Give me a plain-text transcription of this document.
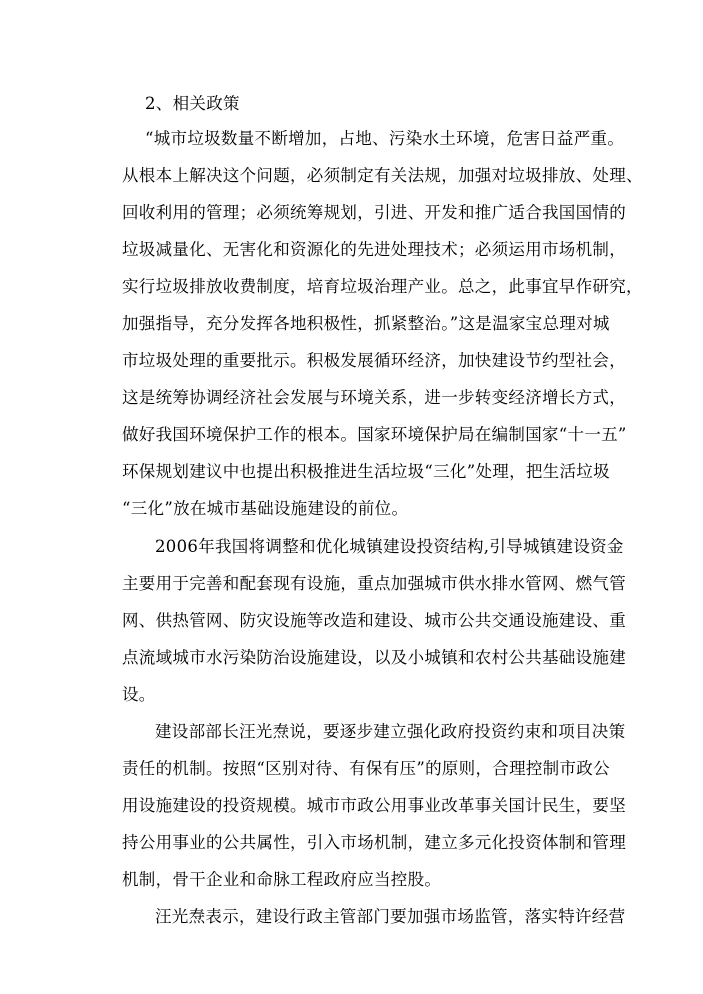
2、相关政策
“城市垃圾数量不断增加，占地、污染水土环境，危害日益严重。
从根本上解决这个问题，必须制定有关法规，加强对垃圾排放、处理、
回收利用的管理；必须统筹规划，引进、开发和推广适合我国国情的
垃圾减量化、无害化和资源化的先进处理技术；必须运用市场机制，
实行垃圾排放收费制度，培育垃圾治理产业。总之，此事宜早作研究，
加强指导，充分发挥各地积极性，抓紧整治。”这是温家宝总理对城
市垃圾处理的重要批示。积极发展循环经济，加快建设节约型社会，
这是统筹协调经济社会发展与环境关系，进一步转变经济增长方式，
做好我国环境保护工作的根本。国家环境保护局在编制国家“十一五”
环保规划建议中也提出积极推进生活垃圾“三化”处理，把生活垃圾
“三化”放在城市基础设施建设的前位。
2006年我国将调整和优化城镇建设投资结构,引导城镇建设资金
主要用于完善和配套现有设施，重点加强城市供水排水管网、燃气管
网、供热管网、防灾设施等改造和建设、城市公共交通设施建设、重
点流域城市水污染防治设施建设，以及小城镇和农村公共基础设施建
设。
建设部部长汪光焘说，要逐步建立强化政府投资约束和项目决策
责任的机制。按照“区别对待、有保有压”的原则，合理控制市政公
用设施建设的投资规模。城市市政公用事业改革事关国计民生，要坚
持公用事业的公共属性，引入市场机制，建立多元化投资体制和管理
机制，骨干企业和命脉工程政府应当控股。
汪光焘表示，建设行政主管部门要加强市场监管，落实特许经营
